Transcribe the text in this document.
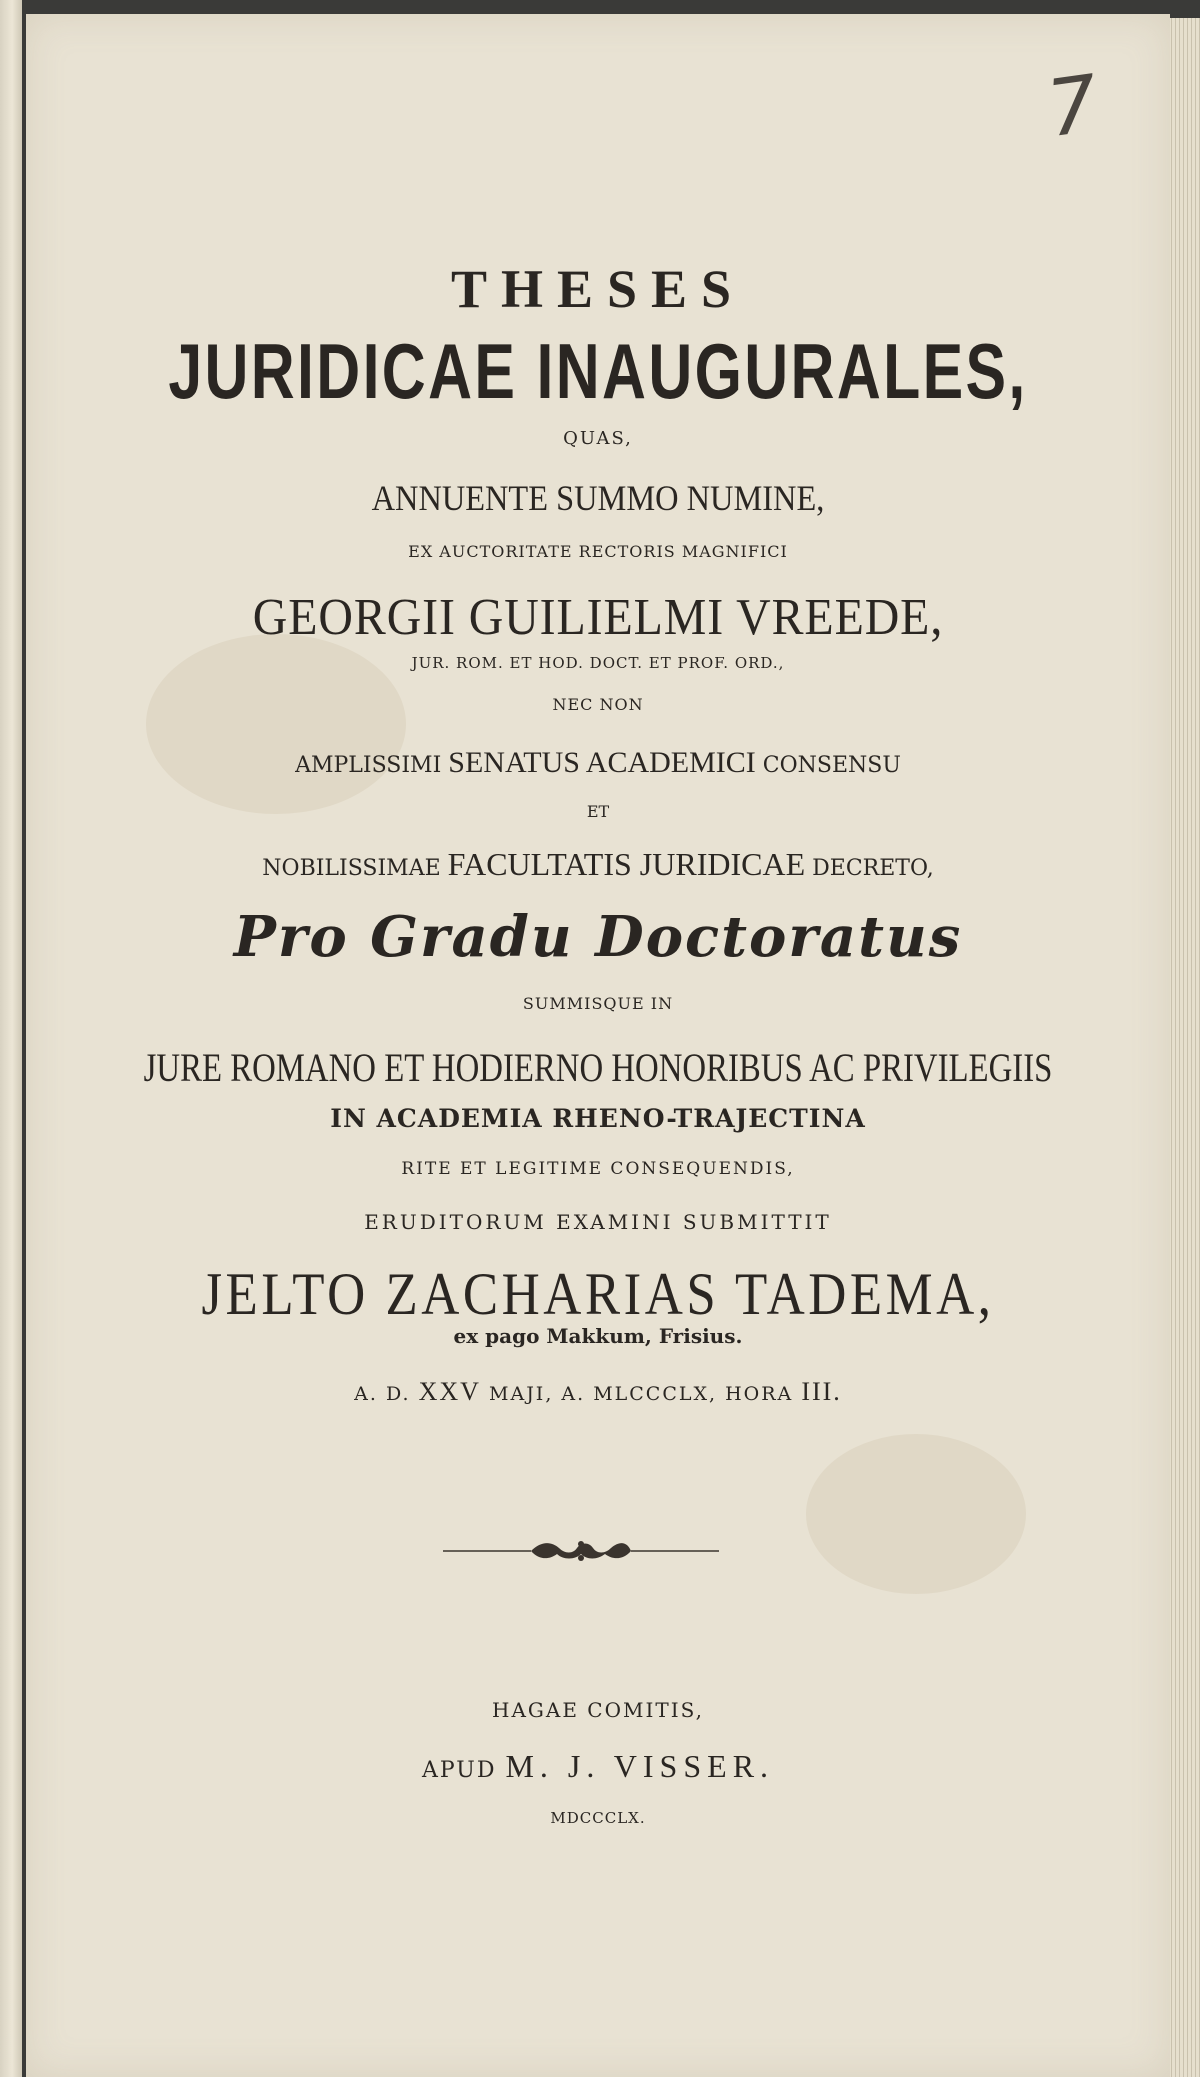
7

THESES

JURIDICAE INAUGURALES,

QUAS,

ANNUENTE SUMMO NUMINE,

EX AUCTORITATE RECTORIS MAGNIFICI

GEORGII GUILIELMI VREEDE,

JUR. ROM. ET HOD. DOCT. ET PROF. ORD.,

NEC NON

AMPLISSIMI SENATUS ACADEMICI CONSENSU

ET

NOBILISSIMAE FACULTATIS JURIDICAE DECRETO,

Pro Gradu Doctoratus

SUMMISQUE IN

JURE ROMANO ET HODIERNO HONORIBUS AC PRIVILEGIIS

IN ACADEMIA RHENO-TRAJECTINA

RITE ET LEGITIME CONSEQUENDIS,

ERUDITORUM EXAMINI SUBMITTIT

JELTO ZACHARIAS TADEMA,

ex pago Makkum, Frisius.

A. D. XXV MAJI, A. MLCCCLX, HORA III.

HAGAE COMITIS,

APUD M. J. VISSER.

MDCCCLX.
